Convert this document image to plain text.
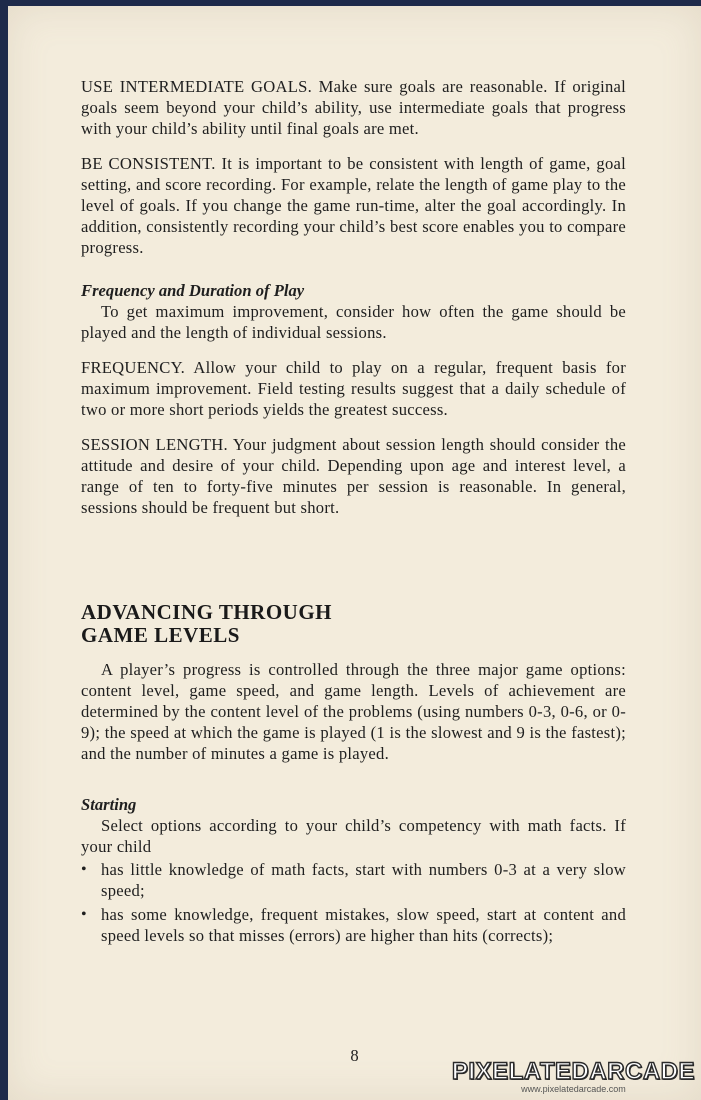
USE INTERMEDIATE GOALS. Make sure goals are reasonable. If original goals seem beyond your child’s ability, use intermediate goals that progress with your child’s ability until final goals are met.

BE CONSISTENT. It is important to be consistent with length of game, goal setting, and score recording. For example, relate the length of game play to the level of goals. If you change the game run-time, alter the goal accordingly. In addition, consistently recording your child’s best score enables you to compare progress.

Frequency and Duration of Play

To get maximum improvement, consider how often the game should be played and the length of individual sessions.

FREQUENCY. Allow your child to play on a regular, frequent basis for maximum improvement. Field testing results suggest that a daily schedule of two or more short periods yields the greatest success.

SESSION LENGTH. Your judgment about session length should consider the attitude and desire of your child. Depending upon age and interest level, a range of ten to forty-five minutes per session is reasonable. In general, sessions should be frequent but short.

ADVANCING THROUGH
GAME LEVELS

A player’s progress is controlled through the three major game options: content level, game speed, and game length. Levels of achievement are determined by the content level of the problems (using numbers 0-3, 0-6, or 0-9); the speed at which the game is played (1 is the slowest and 9 is the fastest); and the number of minutes a game is played.

Starting

Select options according to your child’s competency with math facts. If your child

• has little knowledge of math facts, start with numbers 0-3 at a very slow speed;
• has some knowledge, frequent mistakes, slow speed, start at content and speed levels so that misses (errors) are higher than hits (corrects);
8
PIXELATEDARCADE
www.pixelatedarcade.com
